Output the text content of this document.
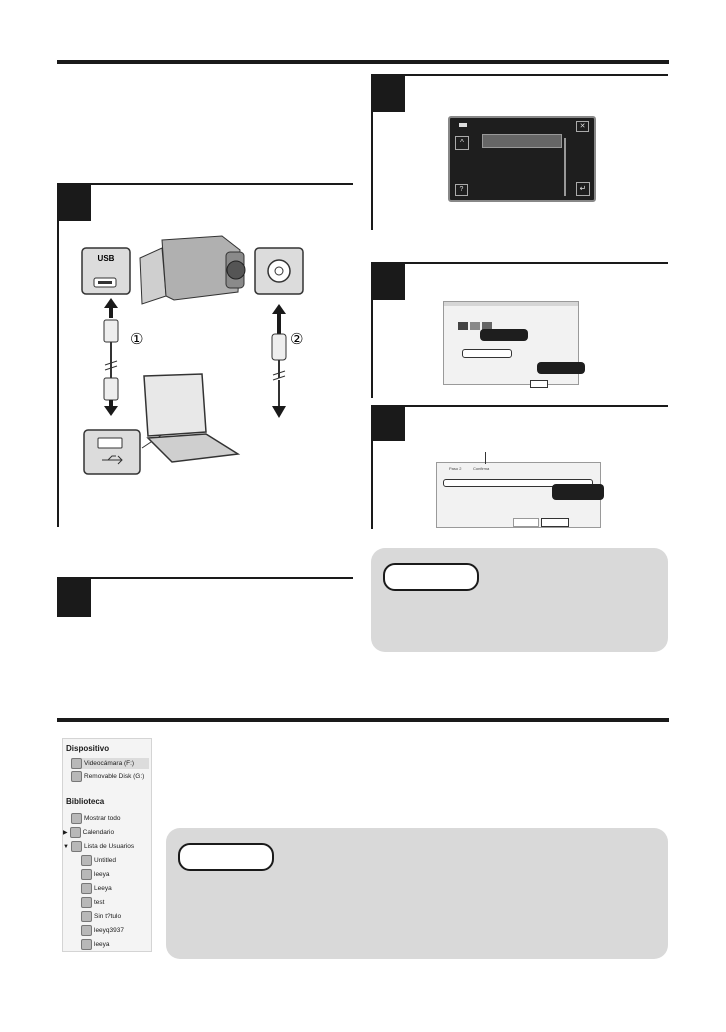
USB
①	②
✕
^
?	↵
Paso 2	Confirma
Dispositivo
Videocámara (F:)
Removable Disk (G:)
Biblioteca
Mostrar todo
▶ Calendario
▼ Lista de Usuarios
Untitled
leeya
Leeya
test
Sin t?tulo
leeyq3937
leeya
